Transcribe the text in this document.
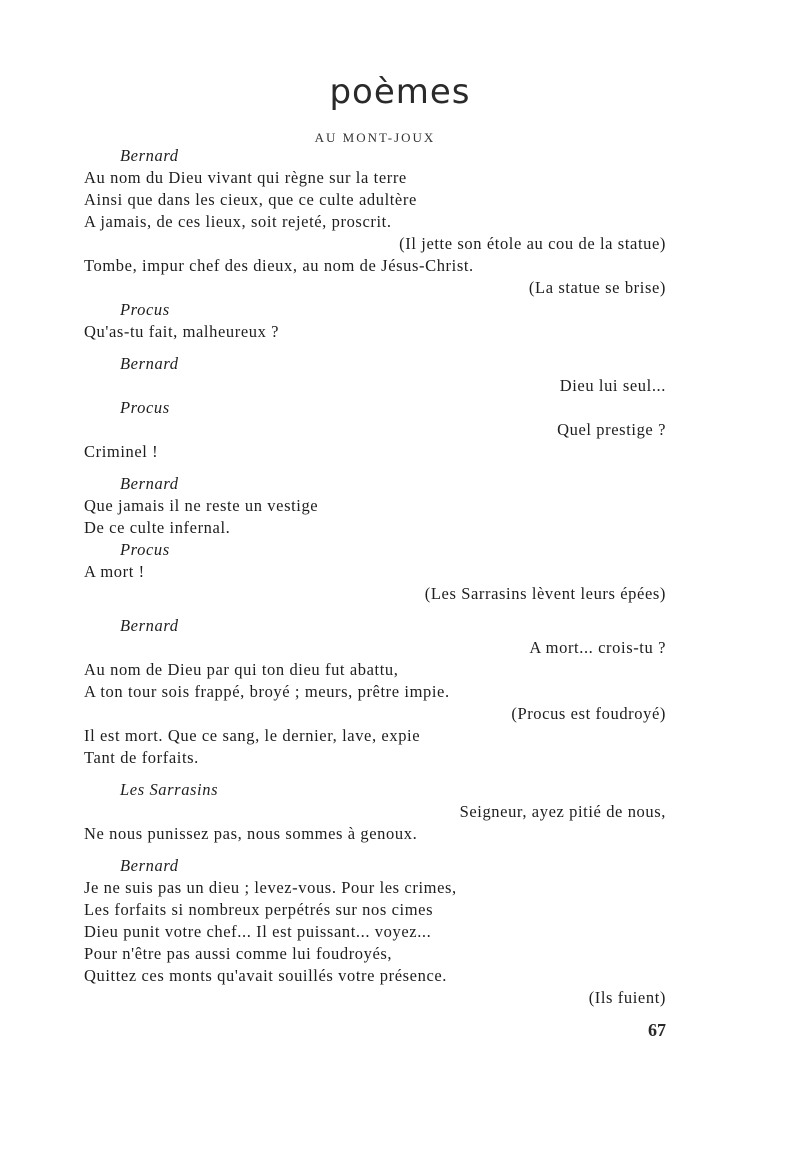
poèmes
AU MONT-JOUX
Bernard
Au nom du Dieu vivant qui règne sur la terre
Ainsi que dans les cieux, que ce culte adultère
A jamais, de ces lieux, soit rejeté, proscrit.
(Il jette son étole au cou de la statue)
Tombe, impur chef des dieux, au nom de Jésus-Christ.
(La statue se brise)
Procus
Qu'as-tu fait, malheureux ?
Bernard
Dieu lui seul...
Procus
Quel prestige ?
Criminel !
Bernard
Que jamais il ne reste un vestige
De ce culte infernal.
Procus
A mort !
(Les Sarrasins lèvent leurs épées)
Bernard
A mort... crois-tu ?
Au nom de Dieu par qui ton dieu fut abattu,
A ton tour sois frappé, broyé ; meurs, prêtre impie.
(Procus est foudroyé)
Il est mort. Que ce sang, le dernier, lave, expie
Tant de forfaits.
Les Sarrasins
Seigneur, ayez pitié de nous,
Ne nous punissez pas, nous sommes à genoux.
Bernard
Je ne suis pas un dieu ; levez-vous. Pour les crimes,
Les forfaits si nombreux perpétrés sur nos cimes
Dieu punit votre chef... Il est puissant... voyez...
Pour n'être pas aussi comme lui foudroyés,
Quittez ces monts qu'avait souillés votre présence.
(Ils fuient)
67
